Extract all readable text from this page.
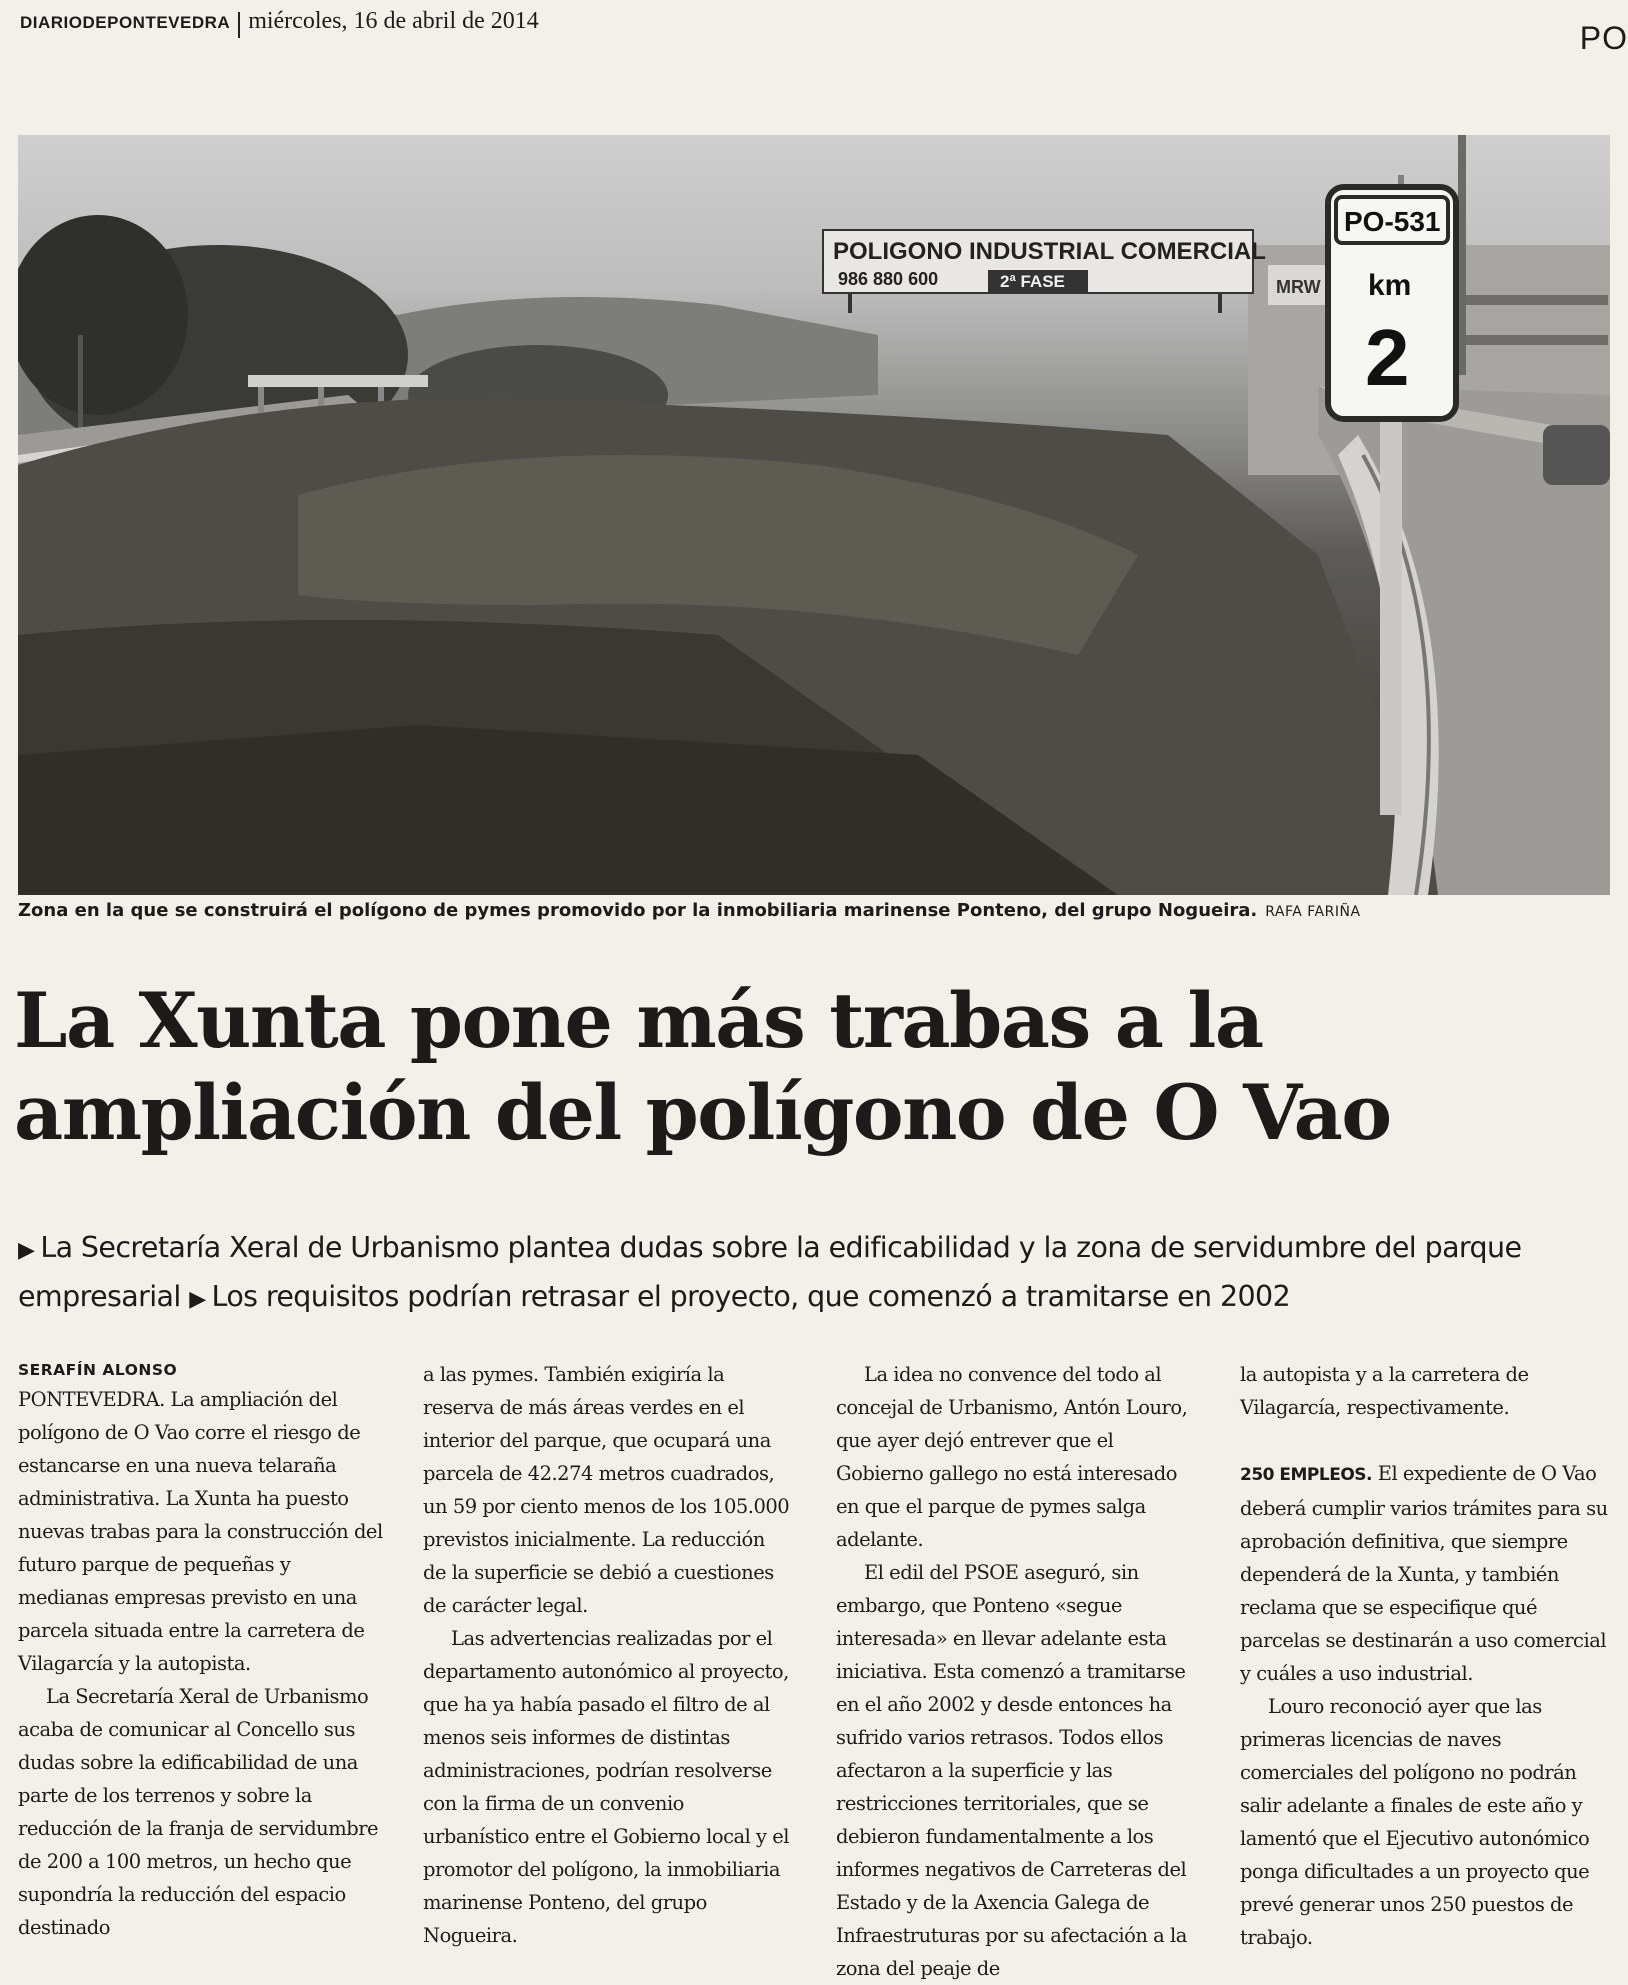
DIARIODEPONTEVEDRA miércoles, 16 de abril de 2014	PO
MRW
POLIGONO INDUSTRIAL COMERCIAL
986 880 600	2ª FASE
PO-531
km
2
Zona en la que se construirá el polígono de pymes promovido por la inmobiliaria marinense Ponteno, del grupo Nogueira. RAFA FARIÑA
La Xunta pone más trabas a la
ampliación del polígono de O Vao
▶ La Secretaría Xeral de Urbanismo plantea dudas sobre la edificabilidad y la zona de servidumbre del parque empresarial ▶ Los requisitos podrían retrasar el proyecto, que comenzó a tramitarse en 2002
SERAFÍN ALONSO

PONTEVEDRA. La ampliación del polígono de O Vao corre el riesgo de estancarse en una nueva telaraña administrativa. La Xunta ha puesto nuevas trabas para la construcción del futuro parque de pequeñas y medianas empresas previsto en una parcela situada entre la carretera de Vilagarcía y la autopista.

La Secretaría Xeral de Urbanismo acaba de comunicar al Concello sus dudas sobre la edificabilidad de una parte de los terrenos y sobre la reducción de la franja de servidumbre de 200 a 100 metros, un hecho que supondría la reducción del espacio destinado

a las pymes. También exigiría la reserva de más áreas verdes en el interior del parque, que ocupará una parcela de 42.274 metros cuadrados, un 59 por ciento menos de los 105.000 previstos inicialmente. La reducción de la superficie se debió a cuestiones de carácter legal.

Las advertencias realizadas por el departamento autonómico al proyecto, que ha ya había pasado el filtro de al menos seis informes de distintas administraciones, podrían resolverse con la firma de un convenio urbanístico entre el Gobierno local y el promotor del polígono, la inmobiliaria marinense Ponteno, del grupo Nogueira.

La idea no convence del todo al concejal de Urbanismo, Antón Louro, que ayer dejó entrever que el Gobierno gallego no está interesado en que el parque de pymes salga adelante.

El edil del PSOE aseguró, sin embargo, que Ponteno «segue interesada» en llevar adelante esta iniciativa. Esta comenzó a tramitarse en el año 2002 y desde entonces ha sufrido varios retrasos. Todos ellos afectaron a la superficie y las restricciones territoriales, que se debieron fundamentalmente a los informes negativos de Carreteras del Estado y de la Axencia Galega de Infraestruturas por su afectación a la zona del peaje de

la autopista y a la carretera de Vilagarcía, respectivamente.

250 EMPLEOS. El expediente de O Vao deberá cumplir varios trámites para su aprobación definitiva, que siempre dependerá de la Xunta, y también reclama que se especifique qué parcelas se destinarán a uso comercial y cuáles a uso industrial.

Louro reconoció ayer que las primeras licencias de naves comerciales del polígono no podrán salir adelante a finales de este año y lamentó que el Ejecutivo autonómico ponga dificultades a un proyecto que prevé generar unos 250 puestos de trabajo.
